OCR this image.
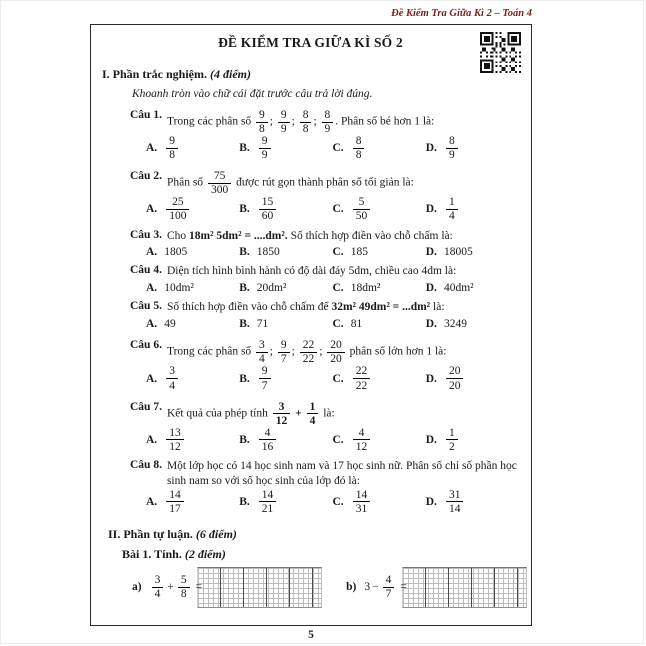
Đề Kiểm Tra Giữa Kì 2 – Toán 4
ĐỀ KIỂM TRA GIỮA KÌ SỐ 2
I. Phần trắc nghiệm. (4 điểm)
Khoanh tròn vào chữ cái đặt trước câu trả lời đúng.
Câu 1.
Trong các phân số $\frac{9}{8}$ ; $\frac{9}{9}$ ; $\frac{8}{8}$ ; $\frac{8}{9}$ . Phân số bé hơn 1 là:
A. $\frac{9}{8}$	B. $\frac{9}{9}$	C. $\frac{8}{8}$	D. $\frac{8}{9}$
Câu 2.
Phân số $\frac{75}{300}$ được rút gọn thành phân số tối giản là:
A. $\frac{25}{100}$	B. $\frac{15}{60}$	C. $\frac{5}{50}$	D. $\frac{1}{4}$
Câu 3. Cho 18m² 5dm² = ....dm². Số thích hợp điền vào chỗ chấm là:
A. 1805	B. 1850	C. 185	D. 18005
Câu 4. Diện tích hình bình hành có độ dài đáy 5dm, chiều cao 4dm là:
A. 10dm²	B. 20dm²	C. 18dm²	D. 40dm²
Câu 5. Số thích hợp điền vào chỗ chấm để 32m² 49dm² = ...dm² là:
A. 49	B. 71	C. 81	D. 3249
Câu 6.
Trong các phân số $\frac{3}{4}$ ; $\frac{9}{7}$ ; $\frac{22}{22}$ ; $\frac{20}{20}$ phân số lớn hơn 1 là:
A. $\frac{3}{4}$	B. $\frac{9}{7}$	C. $\frac{22}{22}$	D. $\frac{20}{20}$
Câu 7.
Kết quả của phép tính $\frac{3}{12} + \frac{1}{4}$ là:
A. $\frac{13}{12}$	B. $\frac{4}{16}$	C. $\frac{4}{12}$	D. $\frac{1}{2}$
Câu 8. Một lớp học có 14 học sinh nam và 17 học sinh nữ. Phân số chỉ số phần học sinh nam so với số học sinh của lớp đó là:
A. $\frac{14}{17}$	B. $\frac{14}{21}$	C. $\frac{14}{31}$	D. $\frac{31}{14}$
II. Phần tự luận. (6 điểm)
Bài 1. Tính. (2 điểm)
$a) \frac{3}{4} + \frac{5}{8}$ =	b) $3 - \frac{4}{7}$ =
5
